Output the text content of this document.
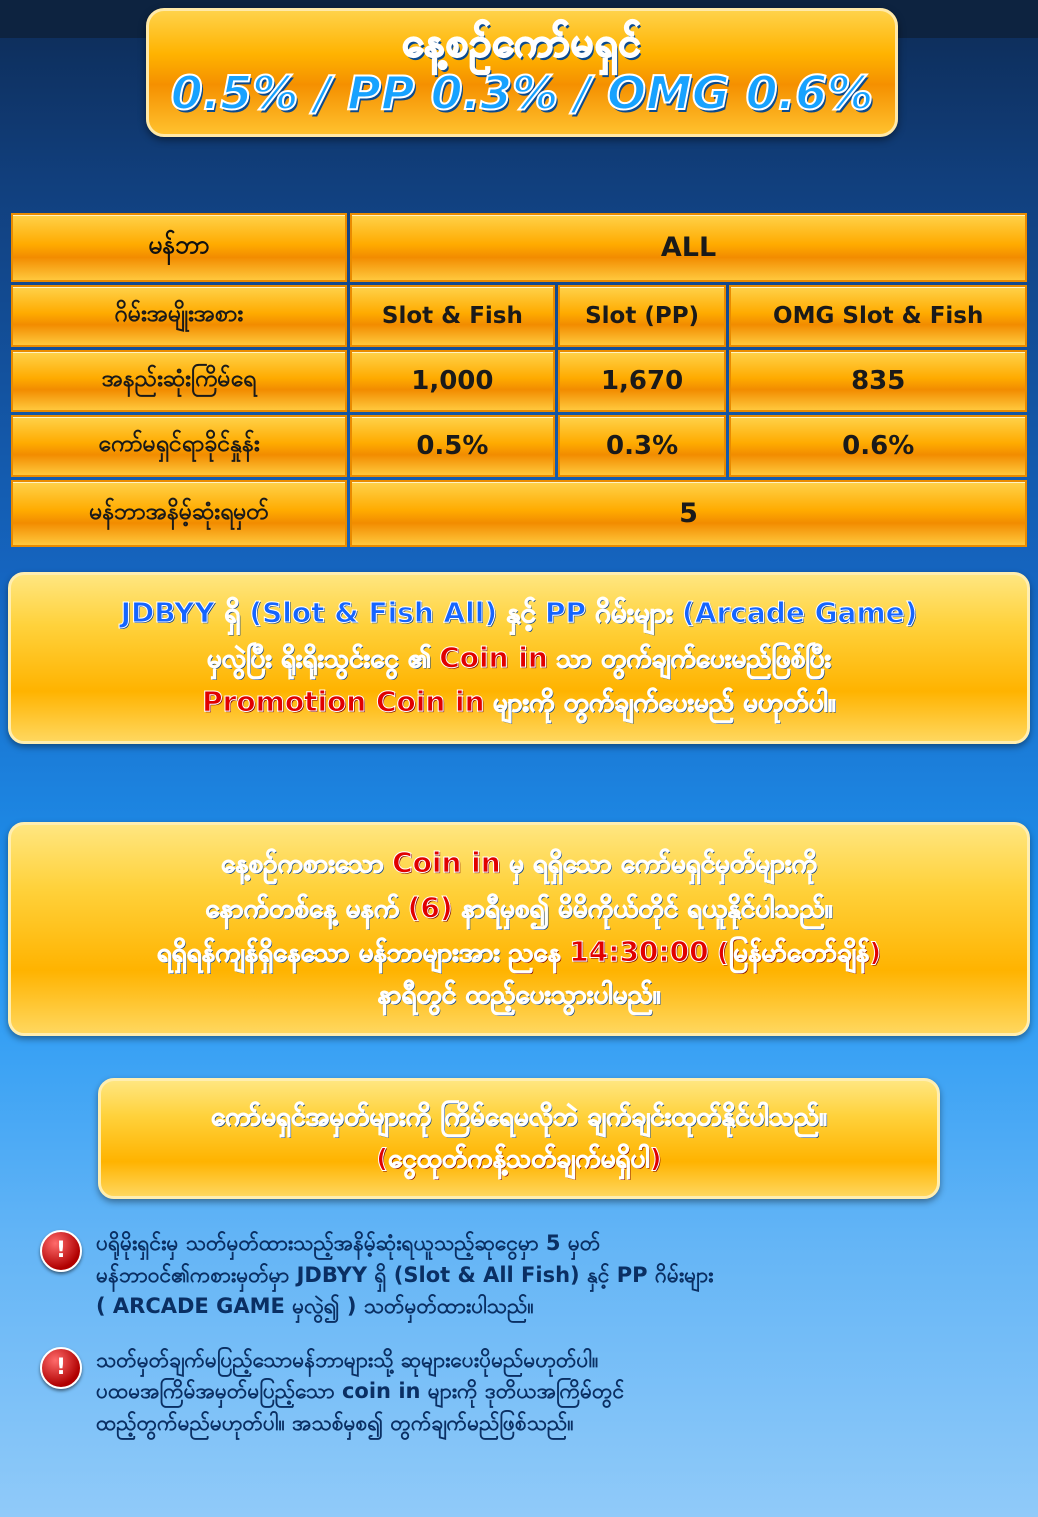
နေ့စဉ်ကော်မရှင်
0.5% / PP 0.3% / OMG 0.6%
မန်ဘာ	ALL		
ဂိမ်းအမျိုးအစား	Slot & Fish	Slot (PP)	OMG Slot & Fish
အနည်းဆုံးကြိမ်ရေ	1,000	1,670	835
ကော်မရှင်ရာခိုင်နှုန်း	0.5%	0.3%	0.6%
မန်ဘာအနိမ့်ဆုံးရမှတ်	5		
JDBYY ရှိ (Slot & Fish All) နှင့် PP ဂိမ်းများ (Arcade Game)
မှလွဲပြီး ရိုးရိုးသွင်းငွေ ၏ Coin in သာ တွက်ချက်ပေးမည်ဖြစ်ပြီး
Promotion Coin in များကို တွက်ချက်ပေးမည် မဟုတ်ပါ။
နေ့စဉ်ကစားသော Coin in မှ ရရှိသော ကော်မရှင်မှတ်များကို
နောက်တစ်နေ့ မနက် (6) နာရီမှစ၍ မိမိကိုယ်တိုင် ရယူနိုင်ပါသည်။
ရရှိရန်ကျန်ရှိနေသော မန်ဘာများအား ညနေ 14:30:00 (မြန်မာ်တော်ချိန်)
နာရီတွင် ထည့်ပေးသွားပါမည်။
ကော်မရှင်အမှတ်များကို ကြိမ်ရေမလိုဘဲ ချက်ချင်းထုတ်နိုင်ပါသည်။
(ငွေထုတ်ကန့်သတ်ချက်မရှိပါ)
! ပရိုမိုးရှင်းမှ သတ်မှတ်ထားသည့်အနိမ့်ဆုံးရယူသည့်ဆုငွေမှာ 5 မှတ်
မန်ဘာဝင်၏ကစားမှတ်မှာ JDBYY ရှိ (Slot & All Fish) နှင့် PP ဂိမ်းများ
( ARCADE GAME မှလွဲ၍ ) သတ်မှတ်ထားပါသည်။
! သတ်မှတ်ချက်မပြည့်သောမန်ဘာများသို့ ဆုများပေးပိုမည်မဟုတ်ပါ။
ပထမအကြိမ်အမှတ်မပြည့်သော coin in များကို ဒုတိယအကြိမ်တွင်
ထည့်တွက်မည်မဟုတ်ပါ။ အသစ်မှစ၍ တွက်ချက်မည်ဖြစ်သည်။
